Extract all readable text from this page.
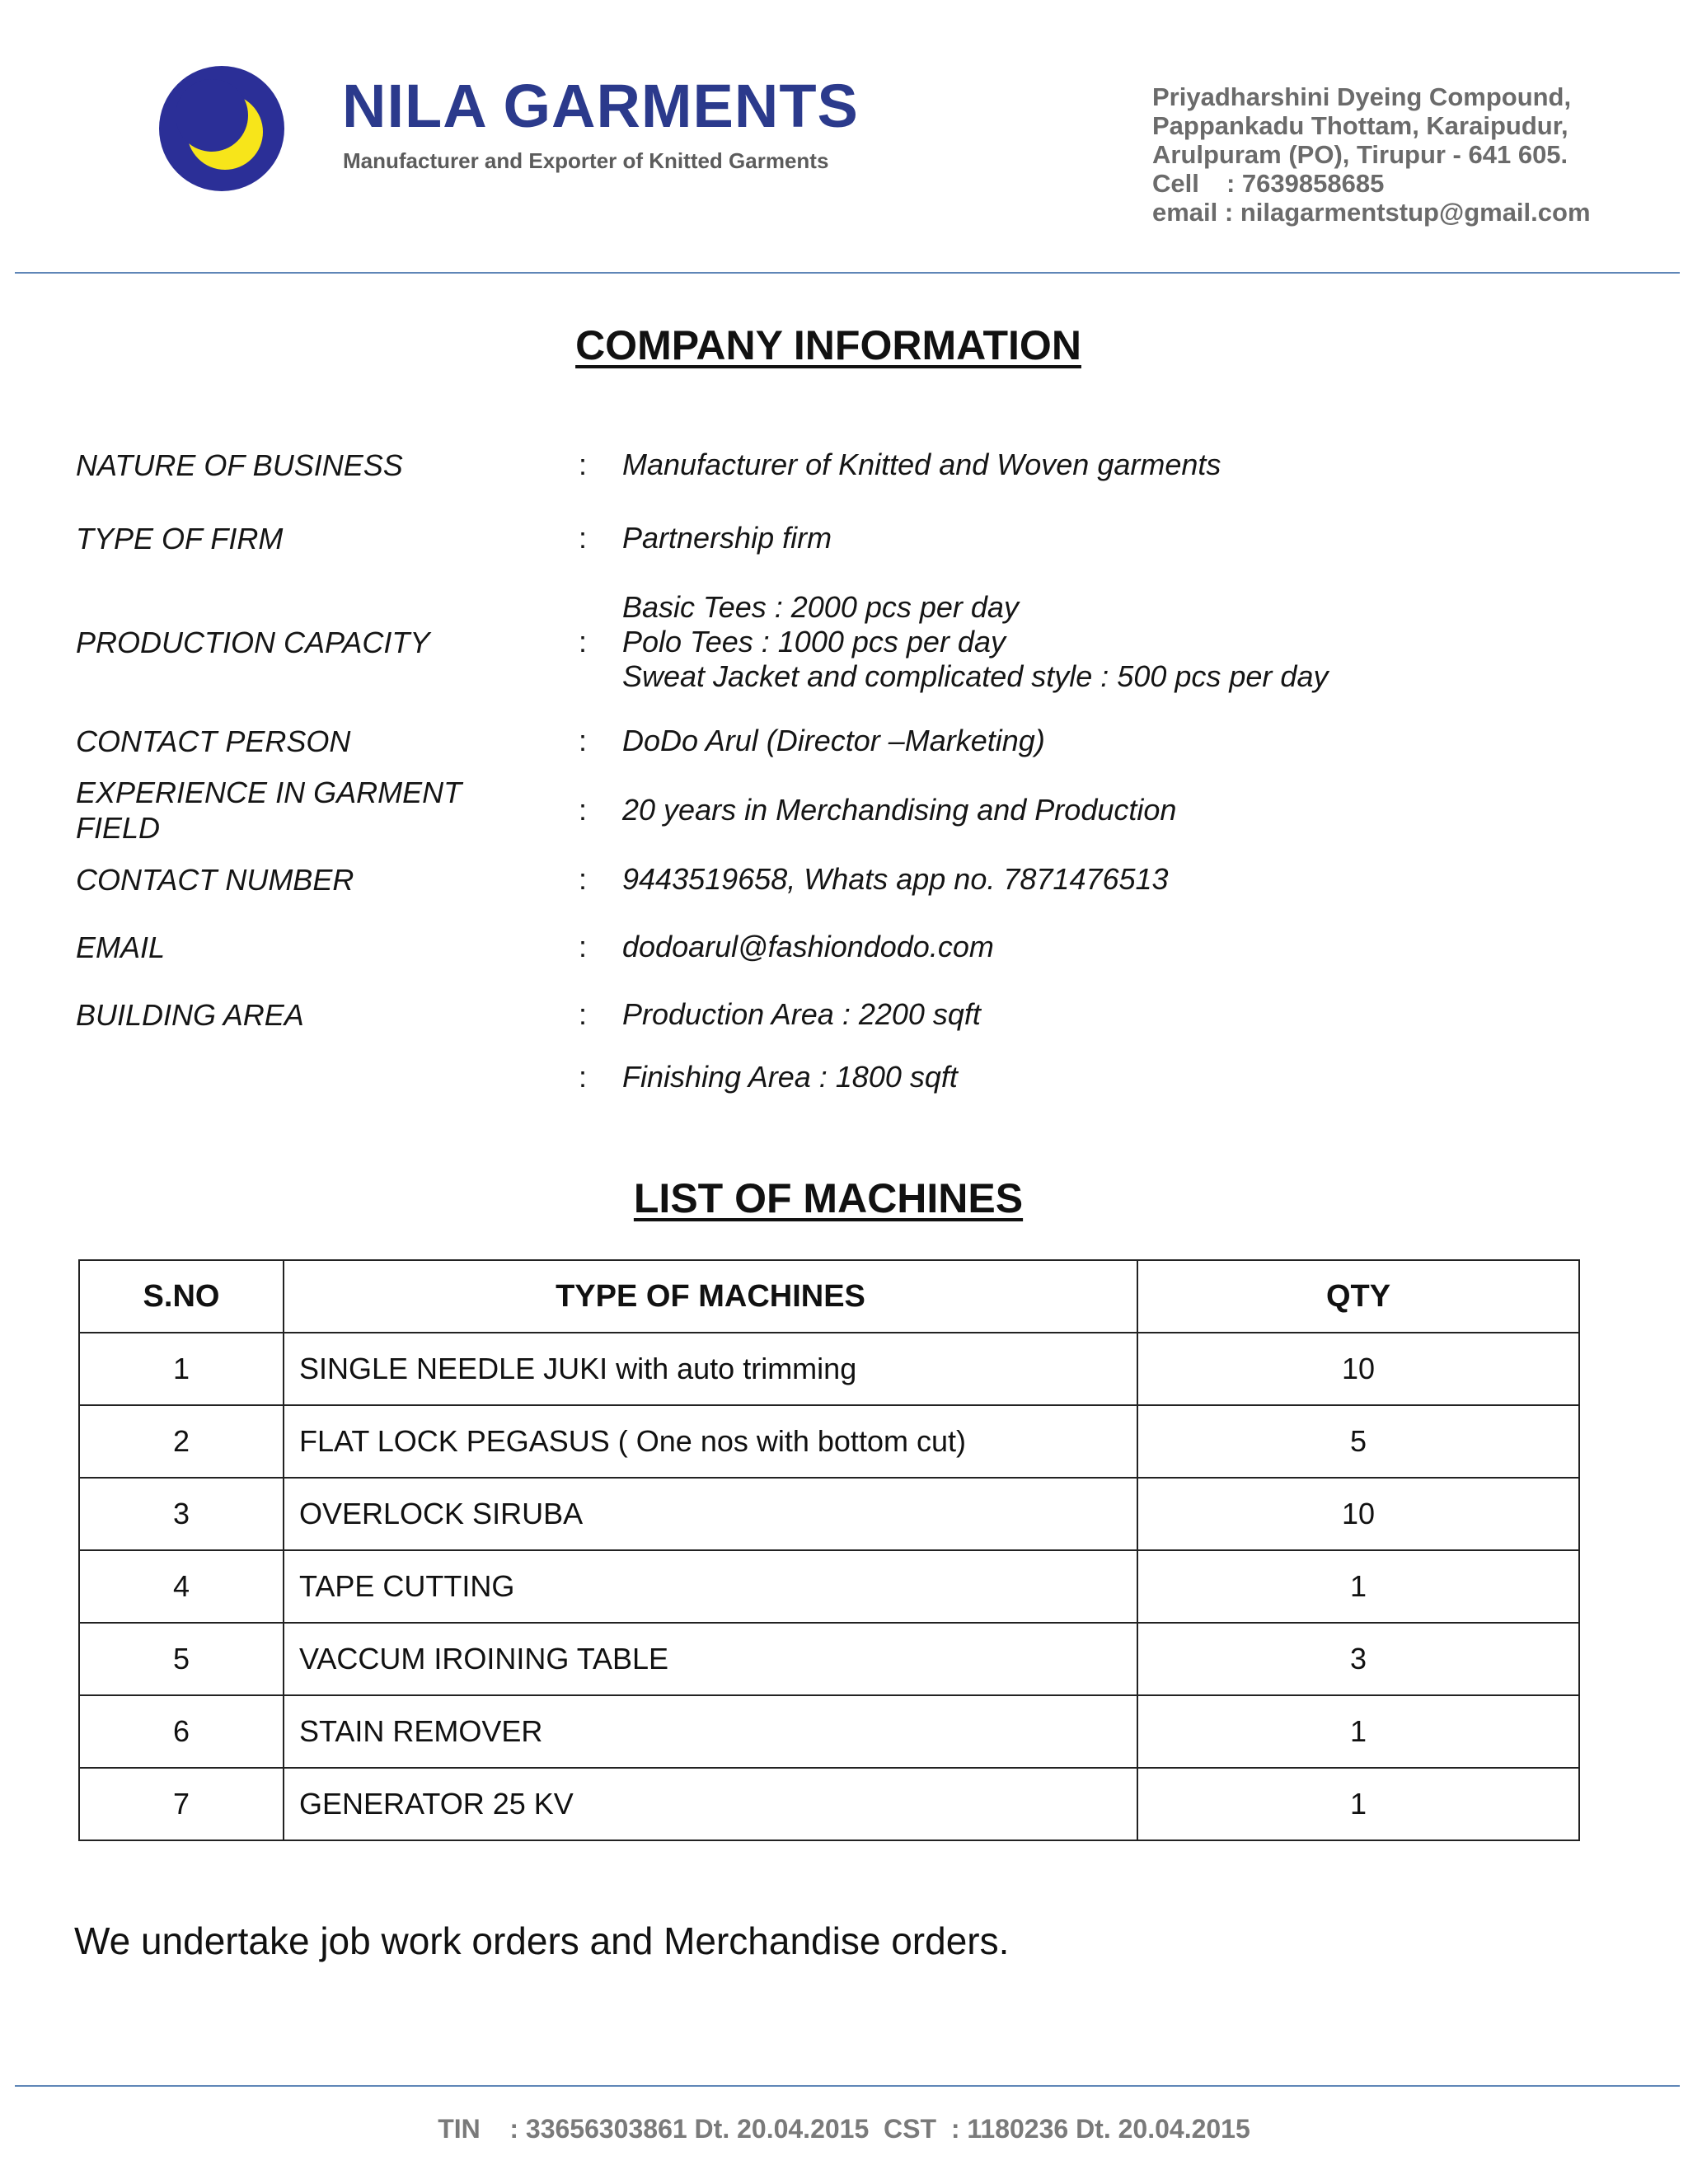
NILA GARMENTS
Manufacturer and Exporter of Knitted Garments
Priyadharshini Dyeing Compound,
Pappankadu Thottam, Karaipudur,
Arulpuram (PO), Tirupur - 641 605.
Cell : 7639858685
email : nilagarmentstup@gmail.com
COMPANY INFORMATION
NATURE OF BUSINESS	: Manufacturer of Knitted and Woven garments
TYPE OF FIRM	: Partnership firm
PRODUCTION CAPACITY	:
Basic Tees : 2000 pcs per day
Polo Tees : 1000 pcs per day
Sweat Jacket and complicated style : 500 pcs per day
CONTACT PERSON	: DoDo Arul (Director –Marketing)
EXPERIENCE IN GARMENT FIELD
: 20 years in Merchandising and Production
CONTACT NUMBER	: 9443519658, Whats app no. 7871476513
EMAIL	: dodoarul@fashiondodo.com
BUILDING AREA	: Production Area : 2200 sqft
: Finishing Area : 1800 sqft
LIST OF MACHINES
S.NO	TYPE OF MACHINES	QTY
1	SINGLE NEEDLE JUKI with auto trimming	10
2	FLAT LOCK PEGASUS ( One nos with bottom cut)	5
3	OVERLOCK SIRUBA	10
4	TAPE CUTTING	1
5	VACCUM IROINING TABLE	3
6	STAIN REMOVER	1
7	GENERATOR 25 KV	1
We undertake job work orders and Merchandise orders.
TIN    : 33656303861 Dt. 20.04.2015  CST  : 1180236 Dt. 20.04.2015
